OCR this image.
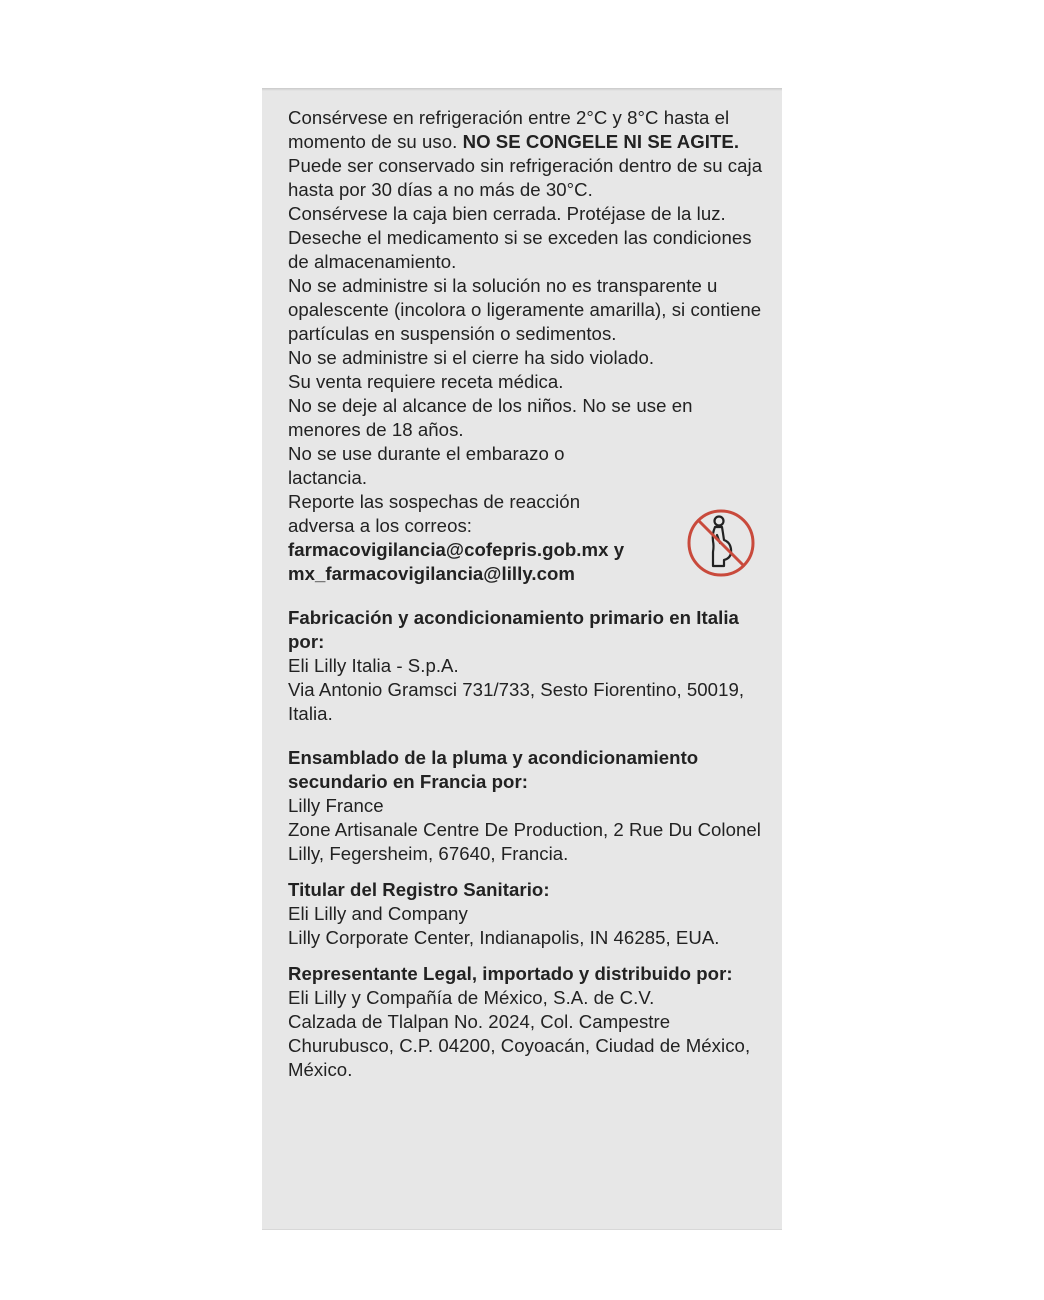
Consérvese en refrigeración entre 2°C y 8°C hasta el momento de su uso. NO SE CONGELE NI SE AGITE.

Puede ser conservado sin refrigeración dentro de su caja hasta por 30 días a no más de 30°C.

Consérvese la caja bien cerrada. Protéjase de la luz.

Deseche el medicamento si se exceden las condiciones de almacenamiento.

No se administre si la solución no es transparente u opalescente (incolora o ligeramente amarilla), si contiene partículas en suspensión o sedimentos.

No se administre si el cierre ha sido violado.

Su venta requiere receta médica.

No se deje al alcance de los niños. No se use en menores de 18 años.

No se use durante el embarazo o lactancia.

Reporte las sospechas de reacción adversa a los correos:

farmacovigilancia@cofepris.gob.mx y

mx_farmacovigilancia@lilly.com

Fabricación y acondicionamiento primario en Italia por:

Eli Lilly Italia - S.p.A.

Via Antonio Gramsci 731/733, Sesto Fiorentino, 50019, Italia.

Ensamblado de la pluma y acondicionamiento secundario en Francia por:

Lilly France

Zone Artisanale Centre De Production, 2 Rue Du Colonel Lilly, Fegersheim, 67640, Francia.

Titular del Registro Sanitario:

Eli Lilly and Company

Lilly Corporate Center, Indianapolis, IN 46285, EUA.

Representante Legal, importado y distribuido por:

Eli Lilly y Compañía de México, S.A. de C.V.

Calzada de Tlalpan No. 2024, Col. Campestre Churubusco, C.P. 04200, Coyoacán, Ciudad de México, México.
